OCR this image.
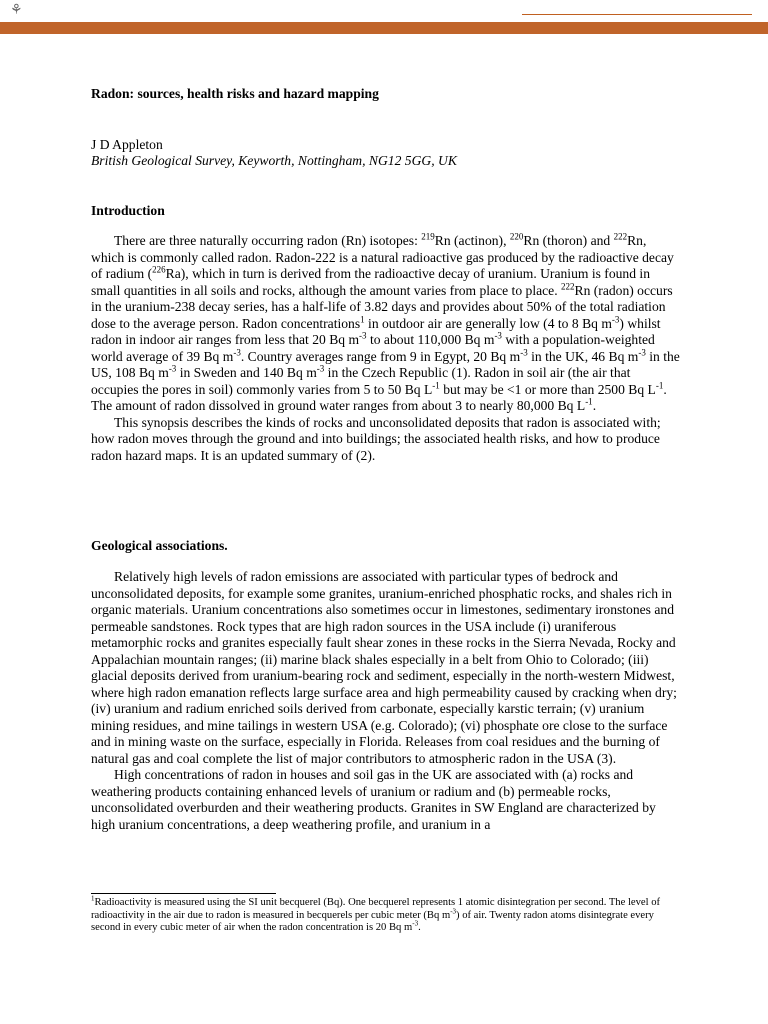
⚘

Radon: sources, health risks and hazard mapping

J D Appleton

British Geological Survey, Keyworth, Nottingham, NG12 5GG, UK

Introduction

There are three naturally occurring radon (Rn) isotopes: $^{219}$Rn (actinon), $^{220}$Rn (thoron) and $^{222}$Rn, which is commonly called radon. Radon-222 is a natural radioactive gas produced by the radioactive decay of radium ($^{226}$Ra), which in turn is derived from the radioactive decay of uranium. Uranium is found in small quantities in all soils and rocks, although the amount varies from place to place. $^{222}$Rn (radon) occurs in the uranium-238 decay series, has a half-life of 3.82 days and provides about 50% of the total radiation dose to the average person. Radon concentrations$^1$ in outdoor air are generally low (4 to 8 Bq $m^{-3}$) whilst radon in indoor air ranges from less that 20 Bq $m^{-3}$ to about 110,000 Bq $m^{-3}$ with a population-weighted world average of 39 Bq $m^{-3}$. Country averages range from 9 in Egypt, 20 Bq $m^{-3}$ in the UK, 46 Bq $m^{-3}$ in the US, 108 Bq $m^{-3}$ in Sweden and 140 Bq $m^{-3}$ in the Czech Republic (1). Radon in soil air (the air that occupies the pores in soil) commonly varies from 5 to 50 Bq $L^{-1}$ but may be <1 or more than 2500 Bq $L^{-1}$. The amount of radon dissolved in ground water ranges from about 3 to nearly 80,000 Bq $L^{-1}$.

This synopsis describes the kinds of rocks and unconsolidated deposits that radon is associated with; how radon moves through the ground and into buildings; the associated health risks, and how to produce radon hazard maps. It is an updated summary of (2).

Geological associations.

Relatively high levels of radon emissions are associated with particular types of bedrock and unconsolidated deposits, for example some granites, uranium-enriched phosphatic rocks, and shales rich in organic materials. Uranium concentrations also sometimes occur in limestones, sedimentary ironstones and permeable sandstones. Rock types that are high radon sources in the USA include (i) uraniferous metamorphic rocks and granites especially fault shear zones in these rocks in the Sierra Nevada, Rocky and Appalachian mountain ranges; (ii) marine black shales especially in a belt from Ohio to Colorado; (iii) glacial deposits derived from uranium-bearing rock and sediment, especially in the north-western Midwest, where high radon emanation reflects large surface area and high permeability caused by cracking when dry; (iv) uranium and radium enriched soils derived from carbonate, especially karstic terrain; (v) uranium mining residues, and mine tailings in western USA (e.g. Colorado); (vi) phosphate ore close to the surface and in mining waste on the surface, especially in Florida. Releases from coal residues and the burning of natural gas and coal complete the list of major contributors to atmospheric radon in the USA (3).

High concentrations of radon in houses and soil gas in the UK are associated with (a) rocks and weathering products containing enhanced levels of uranium or radium and (b) permeable rocks, unconsolidated overburden and their weathering products. Granites in SW England are characterized by high uranium concentrations, a deep weathering profile, and uranium in a

$^1$Radioactivity is measured using the SI unit becquerel (Bq). One becquerel represents 1 atomic disintegration per second. The level of radioactivity in the air due to radon is measured in becquerels per cubic meter (Bq $m^{-3}$) of air. Twenty radon atoms disintegrate every second in every cubic meter of air when the radon concentration is 20 Bq $m^{-3}$.
